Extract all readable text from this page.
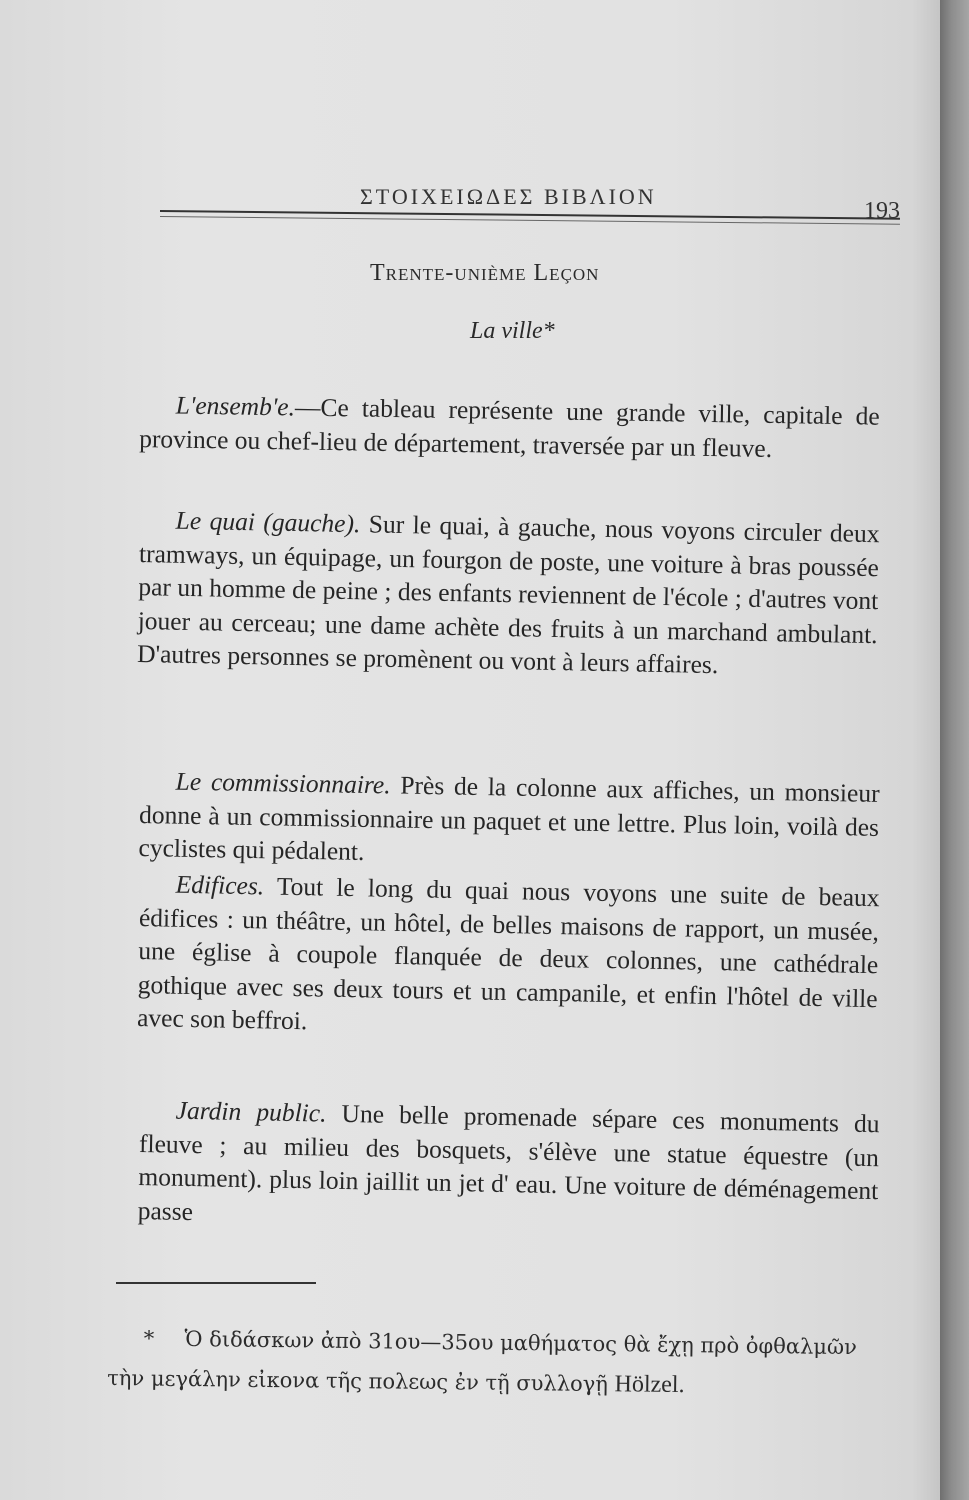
ΣΤΟΙΧΕΙΩΔΕΣ ΒΙΒΛΙΟΝ
193
Trente-unième Leçon
La ville*
L'ensemb'e.—Ce tableau représente une grande ville, capitale de province ou chef-lieu de département, traversée par un fleuve.
Le quai (gauche). Sur le quai, à gauche, nous voyons circuler deux tramways, un équipage, un fourgon de poste, une voiture à bras poussée par un homme de peine ; des enfants reviennent de l'école ; d'autres vont jouer au cerceau; une dame achète des fruits à un marchand ambulant. D'autres personnes se promènent ou vont à leurs affaires.
Le commissionnaire. Près de la colonne aux affiches, un monsieur donne à un commissionnaire un paquet et une lettre. Plus loin, voilà des cyclistes qui pédalent.
Edifices. Tout le long du quai nous voyons une suite de beaux édifices : un théâtre, un hôtel, de belles maisons de rapport, un musée, une église à coupole flanquée de deux colonnes, une cathédrale gothique avec ses deux tours et un campanile, et enfin l'hôtel de ville avec son beffroi.
Jardin public. Une belle promenade sépare ces monuments du fleuve ; au milieu des bosquets, s'élève une statue équestre (un monument). plus loin jaillit un jet d' eau. Une voiture de déménagement passe
* Ὁ διδάσκων ἀπὸ 31ου—35ου μαθήματος θὰ ἔχῃ πρὸ ὀφθαλμῶν τὴν μεγάλην εἰκονα τῆς πολεως ἐν τῇ συλλογῇ Hölzel.
